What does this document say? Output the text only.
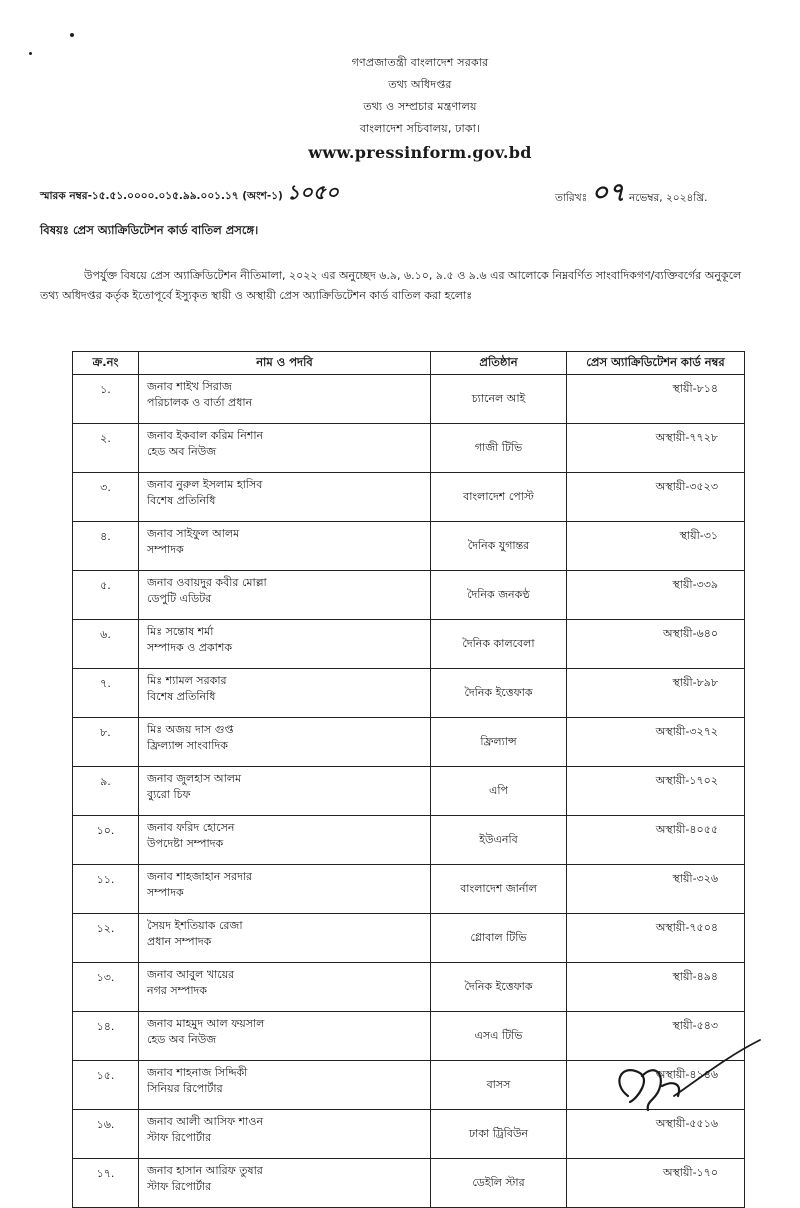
গণপ্রজাতন্ত্রী বাংলাদেশ সরকার
তথ্য অধিদপ্তর
তথ্য ও সম্প্রচার মন্ত্রণালয়
বাংলাদেশ সচিবালয়, ঢাকা।
www.pressinform.gov.bd
স্মারক নম্বর-১৫.৫১.০০০০.০১৫.৯৯.০০১.১৭ (অংশ-১) ১০৫০	তারিখঃ ০৭ নভেম্বর, ২০২৪খ্রি.
বিষয়ঃ প্রেস অ্যাক্রিডিটেশন কার্ড বাতিল প্রসঙ্গে।
উপর্যুক্ত বিষয়ে প্রেস অ্যাক্রিডিটেশন নীতিমালা, ২০২২ এর অনুচ্ছেদ ৬.৯, ৬.১০, ৯.৫ ও ৯.৬ এর আলোকে নিম্নবর্ণিত সাংবাদিকগণ/ব্যক্তিবর্গের অনুকূলে তথ্য অধিদপ্তর কর্তৃক ইতোপূর্বে ইস্যুকৃত স্থায়ী ও অস্থায়ী প্রেস অ্যাক্রিডিটেশন কার্ড বাতিল করা হলোঃ
ক্র.নং	নাম ও পদবি	প্রতিষ্ঠান	প্রেস অ্যাক্রিডিটেশন কার্ড নম্বর
১.	জনাব শাইখ সিরাজ
পরিচালক ও বার্তা প্রধান	চ্যানেল আই	স্থায়ী-৮১৪
২.	জনাব ইকবাল করিম নিশান
হেড অব নিউজ	গাজী টিভি	অস্থায়ী-৭৭২৮
৩.	জনাব নুরুল ইসলাম হাসিব
বিশেষ প্রতিনিধি	বাংলাদেশ পোস্ট	অস্থায়ী-৩৫২৩
৪.	জনাব সাইফুল আলম
সম্পাদক	দৈনিক যুগান্তর	স্থায়ী-৩১
৫.	জনাব ওবায়দুর কবীর মোল্লা
ডেপুটি এডিটর	দৈনিক জনকণ্ঠ	স্থায়ী-৩৩৯
৬.	মিঃ সন্তোষ শর্মা
সম্পাদক ও প্রকাশক	দৈনিক কালবেলা	অস্থায়ী-৬৪০
৭.	মিঃ শ্যামল সরকার
বিশেষ প্রতিনিধি	দৈনিক ইত্তেফাক	স্থায়ী-৮৯৮
৮.	মিঃ অজয় দাস গুপ্ত
ফ্রিল্যান্স সাংবাদিক	ফ্রিল্যান্স	অস্থায়ী-৩২৭২
৯.	জনাব জুলহাস আলম
ব্যুরো চিফ	এপি	অস্থায়ী-১৭০২
১০.	জনাব ফরিদ হোসেন
উপদেষ্টা সম্পাদক	ইউএনবি	অস্থায়ী-৪০৫৫
১১.	জনাব শাহজাহান সরদার
সম্পাদক	বাংলাদেশ জার্নাল	স্থায়ী-৩২৬
১২.	সৈয়দ ইশতিয়াক রেজা
প্রধান সম্পাদক	গ্লোবাল টিভি	অস্থায়ী-৭৫০৪
১৩.	জনাব আবুল খায়ের
নগর সম্পাদক	দৈনিক ইত্তেফাক	স্থায়ী-৪৯৪
১৪.	জনাব মাহমুদ আল ফয়সাল
হেড অব নিউজ	এসএ টিভি	স্থায়ী-৫৪৩
১৫.	জনাব শাহনাজ সিদ্দিকী
সিনিয়র রিপোর্টার	বাসস	অস্থায়ী-৪১৪৬
১৬.	জনাব আলী আসিফ শাওন
স্টাফ রিপোর্টার	ঢাকা ট্রিবিউন	অস্থায়ী-৫৫১৬
১৭.	জনাব হাসান আরিফ তুষার
স্টাফ রিপোর্টার	ডেইলি স্টার	অস্থায়ী-১৭০
